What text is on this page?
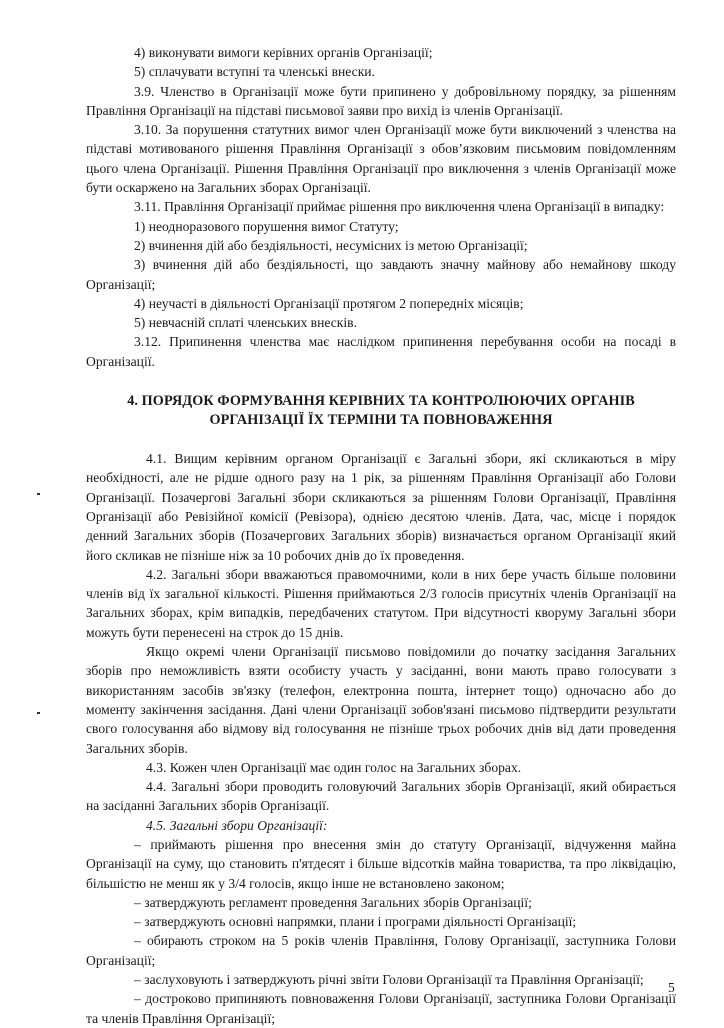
4) виконувати вимоги керівних органів Організації;

5) сплачувати вступні та членські внески.

3.9. Членство в Організації може бути припинено у добровільному порядку, за рішенням Правління Організації на підставі письмової заяви про вихід із членів Організації.

3.10. За порушення статутних вимог член Організації може бути виключений з членства на підставі мотивованого рішення Правління Організації з обов’язковим письмовим повідомленням цього члена Організації. Рішення Правління Організації про виключення з членів Організації може бути оскаржено на Загальних зборах Організації.

3.11. Правління Організації приймає рішення про виключення члена Організації в випадку:

1) неодноразового порушення вимог Статуту;

2) вчинення дій або бездіяльності, несумісних із метою Організації;

3) вчинення дій або бездіяльності, що завдають значну майнову або немайнову шкоду Організації;

4) неучасті в діяльності Організації протягом 2 попередніх місяців;

5) невчасній сплаті членських внесків.

3.12. Припинення членства має наслідком припинення перебування особи на посаді в Організації.

4. ПОРЯДОК ФОРМУВАННЯ КЕРІВНИХ ТА КОНТРОЛЮЮЧИХ ОРГАНІВ
ОРГАНІЗАЦІЇ ЇХ ТЕРМІНИ ТА ПОВНОВАЖЕННЯ

4.1. Вищим керівним органом Організації є Загальні збори, які скликаються в міру необхідності, але не рідше одного разу на 1 рік, за рішенням Правління Організації або Голови Організації. Позачергові Загальні збори скликаються за рішенням Голови Організації, Правління Організації або Ревізійної комісії (Ревізора), однією десятою членів. Дата, час, місце і порядок денний Загальних зборів (Позачергових Загальних зборів) визначається органом Організації який його скликав не пізніше ніж за 10 робочих днів до їх проведення.

4.2. Загальні збори вважаються правомочними, коли в них бере участь більше половини членів від їх загальної кількості. Рішення приймаються 2/3 голосів присутніх членів Організації на Загальних зборах, крім випадків, передбачених статутом. При відсутності кворуму Загальні збори можуть бути перенесені на строк до 15 днів.

Якщо окремі члени Організації письмово повідомили до початку засідання Загальних зборів про неможливість взяти особисту участь у засіданні, вони мають право голосувати з використанням засобів зв'язку (телефон, електронна пошта, інтернет тощо) одночасно або до моменту закінчення засідання. Дані члени Організації зобов'язані письмово підтвердити результати свого голосування або відмову від голосування не пізніше трьох робочих днів від дати проведення Загальних зборів.

4.3. Кожен член Організації має один голос на Загальних зборах.

4.4. Загальні збори проводить головуючий Загальних зборів Організації, який обирається на засіданні Загальних зборів Організації.

4.5. Загальні збори Організації:

– приймають рішення про внесення змін до статуту Організації, відчуження майна Організації на суму, що становить п'ятдесят і більше відсотків майна товариства, та про ліквідацію, більшістю не менш як у 3/4 голосів, якщо інше не встановлено законом;

– затверджують регламент проведення Загальних зборів Організації;

– затверджують основні напрямки, плани і програми діяльності Організації;

– обирають строком на 5 років членів Правління, Голову Організації, заступника Голови Організації;

– заслуховують і затверджують річні звіти Голови Організації та Правління Організації;

– достроково припиняють повноваження Голови Організації, заступника Голови Організації та членів Правління Організації;

5
